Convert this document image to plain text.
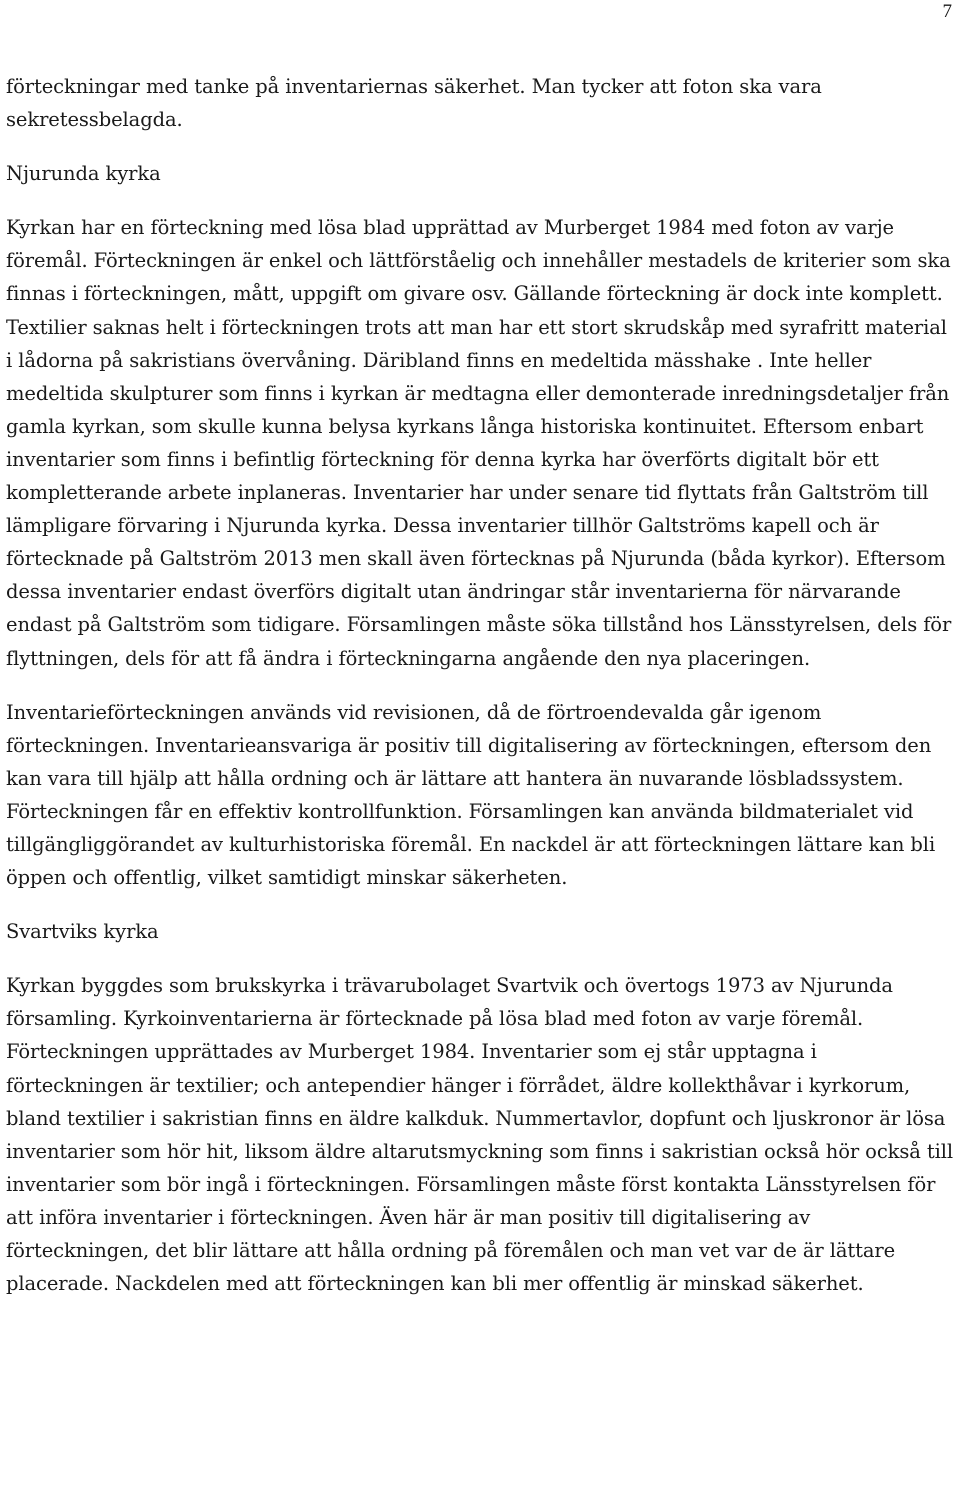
7

förteckningar med tanke på inventariernas säkerhet. Man tycker att foton ska vara sekretessbelagda.

Njurunda kyrka

Kyrkan har en förteckning med lösa blad upprättad av Murberget 1984 med foton av varje föremål. Förteckningen är enkel och lättförståelig och innehåller mestadels de kriterier som ska finnas i förteckningen, mått, uppgift om givare osv. Gällande förteckning är dock inte komplett. Textilier saknas helt i förteckningen trots att man har ett stort skrudskåp med syrafritt material i lådorna på sakristians övervåning. Däribland finns en medeltida mässhake . Inte heller medeltida skulpturer som finns i kyrkan är medtagna eller demonterade inredningsdetaljer från gamla kyrkan, som skulle kunna belysa kyrkans långa historiska kontinuitet. Eftersom enbart inventarier som finns i befintlig förteckning för denna kyrka har överförts digitalt bör ett kompletterande arbete inplaneras. Inventarier har under senare tid flyttats från Galtström till lämpligare förvaring i Njurunda kyrka. Dessa inventarier tillhör Galtströms kapell och är förtecknade på Galtström 2013 men skall även förtecknas på Njurunda (båda kyrkor). Eftersom dessa inventarier endast överförs digitalt utan ändringar står inventarierna för närvarande endast på Galtström som tidigare. Församlingen måste söka tillstånd hos Länsstyrelsen, dels för flyttningen, dels för att få ändra i förteckningarna angående den nya placeringen.

Inventarieförteckningen används vid revisionen, då de förtroendevalda går igenom förteckningen. Inventarieansvariga är positiv till digitalisering av förteckningen, eftersom den kan vara till hjälp att hålla ordning och är lättare att hantera än nuvarande lösbladssystem. Förteckningen får en effektiv kontrollfunktion. Församlingen kan använda bildmaterialet vid tillgängliggörandet av kulturhistoriska föremål. En nackdel är att förteckningen lättare kan bli öppen och offentlig, vilket samtidigt minskar säkerheten.

Svartviks kyrka

Kyrkan byggdes som brukskyrka i trävarubolaget Svartvik och övertogs 1973 av Njurunda församling. Kyrkoinventarierna är förtecknade på lösa blad med foton av varje föremål. Förteckningen upprättades av Murberget 1984. Inventarier som ej står upptagna i förteckningen är textilier; och antependier hänger i förrådet, äldre kollekthåvar i kyrkorum, bland textilier i sakristian finns en äldre kalkduk. Nummertavlor, dopfunt och ljuskronor är lösa inventarier som hör hit, liksom äldre altarutsmyckning som finns i sakristian också hör också till inventarier som bör ingå i förteckningen. Församlingen måste först kontakta Länsstyrelsen för att införa inventarier i förteckningen. Även här är man positiv till digitalisering av förteckningen, det blir lättare att hålla ordning på föremålen och man vet var de är lättare placerade. Nackdelen med att förteckningen kan bli mer offentlig är minskad säkerhet.
